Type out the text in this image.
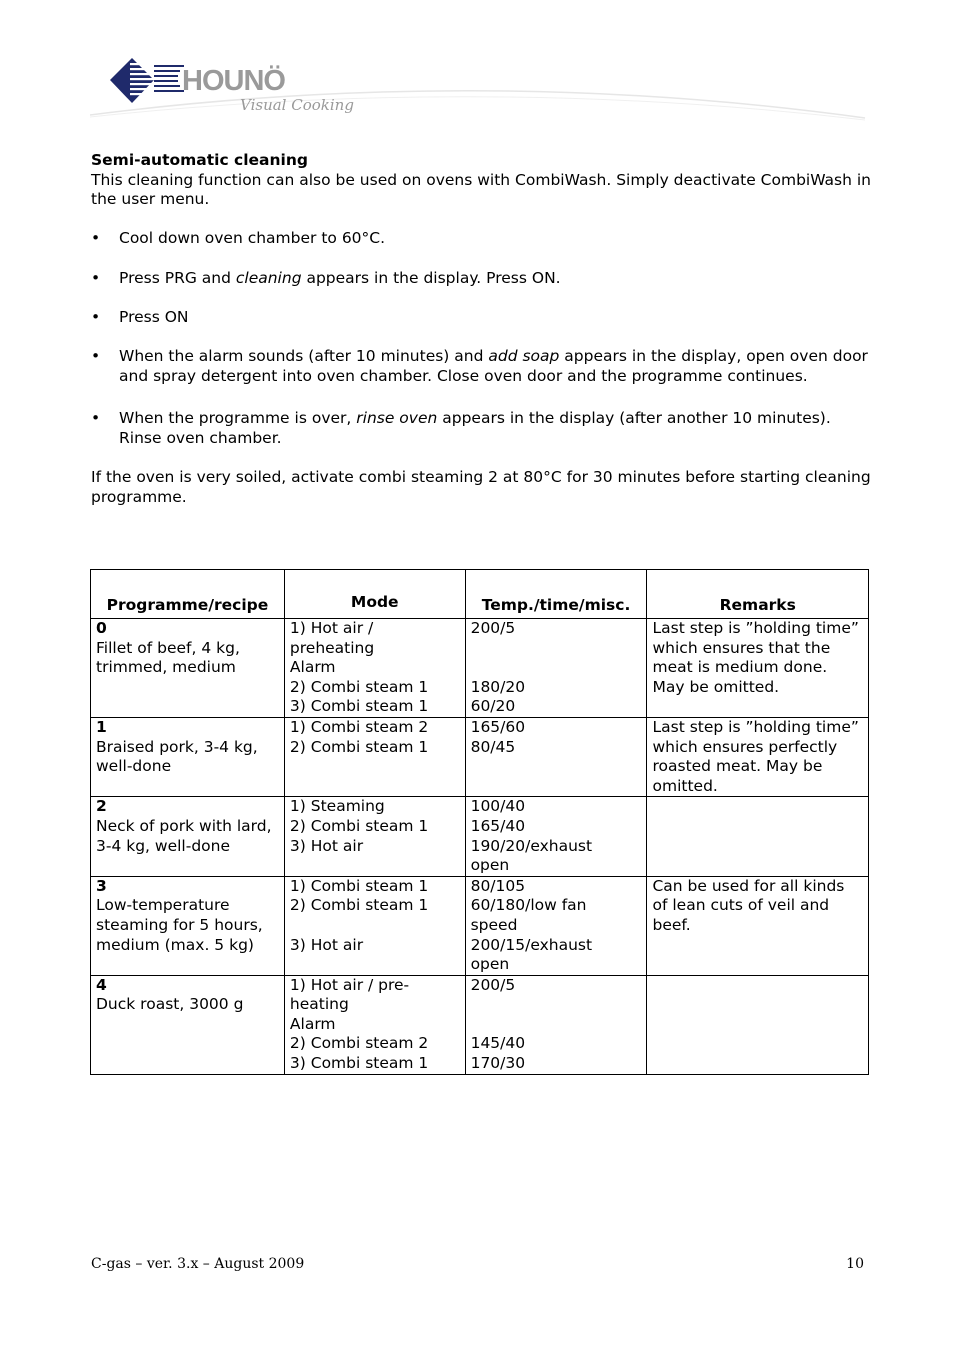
HOUNÖ
Visual Cooking

Semi-automatic cleaning

This cleaning function can also be used on ovens with CombiWash. Simply deactivate CombiWash in the user menu.

• Cool down oven chamber to 60°C.
• Press PRG and cleaning appears in the display. Press ON.
• Press ON
• When the alarm sounds (after 10 minutes) and add soap appears in the display, open oven door and spray detergent into oven chamber. Close oven door and the programme continues.
• When the programme is over, rinse oven appears in the display (after another 10 minutes). Rinse oven chamber.

If the oven is very soiled, activate combi steaming 2 at 80°C for 30 minutes before starting cleaning programme.

Programme/recipe	Mode	Temp./time/misc.	Remarks

0
Fillet of beef, 4 kg, trimmed, medium	1) Hot air /
preheating
Alarm
2) Combi steam 1
3) Combi steam 1	200/5

180/20
60/20	Last step is ”holding time” which ensures that the meat is medium done. May be omitted.

1
Braised pork, 3-4 kg, well-done	1) Combi steam 2
2) Combi steam 1	165/60
80/45	Last step is ”holding time” which ensures perfectly roasted meat. May be omitted.

2
Neck of pork with lard, 3-4 kg, well-done	1) Steaming
2) Combi steam 1
3) Hot air	100/40
165/40
190/20/exhaust
open	

3
Low-temperature steaming for 5 hours, medium (max. 5 kg)	1) Combi steam 1
2) Combi steam 1

3) Hot air	80/105
60/180/low fan
speed
200/15/exhaust
open	Can be used for all kinds of lean cuts of veil and beef.

4
Duck roast, 3000 g	1) Hot air / pre-
heating
Alarm
2) Combi steam 2
3) Combi steam 1	200/5

145/40
170/30	

C-gas – ver. 3.x – August 2009	10
